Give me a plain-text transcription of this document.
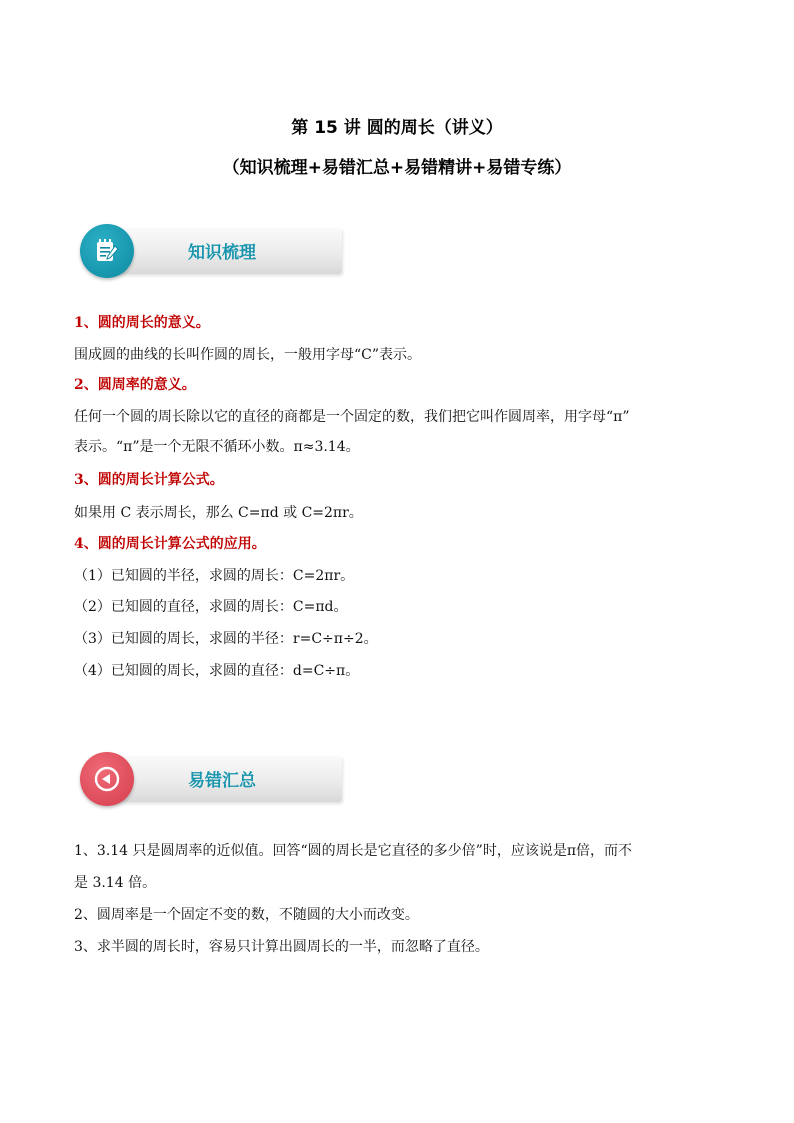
第 15 讲 圆的周长（讲义）
（知识梳理+易错汇总+易错精讲+易错专练）
知识梳理
1、圆的周长的意义。
围成圆的曲线的长叫作圆的周长，一般用字母“C”表示。
2、圆周率的意义。
任何一个圆的周长除以它的直径的商都是一个固定的数，我们把它叫作圆周率，用字母“π”
表示。“π”是一个无限不循环小数。π≈3.14。
3、圆的周长计算公式。
如果用 C 表示周长，那么 C=πd 或 C=2πr。
4、圆的周长计算公式的应用。
（1）已知圆的半径，求圆的周长：C=2πr。
（2）已知圆的直径，求圆的周长：C=πd。
（3）已知圆的周长，求圆的半径：r=C÷π÷2。
（4）已知圆的周长，求圆的直径：d=C÷π。
易错汇总
1、3.14 只是圆周率的近似值。回答“圆的周长是它直径的多少倍”时，应该说是π倍，而不
是 3.14 倍。
2、圆周率是一个固定不变的数，不随圆的大小而改变。
3、求半圆的周长时，容易只计算出圆周长的一半，而忽略了直径。
